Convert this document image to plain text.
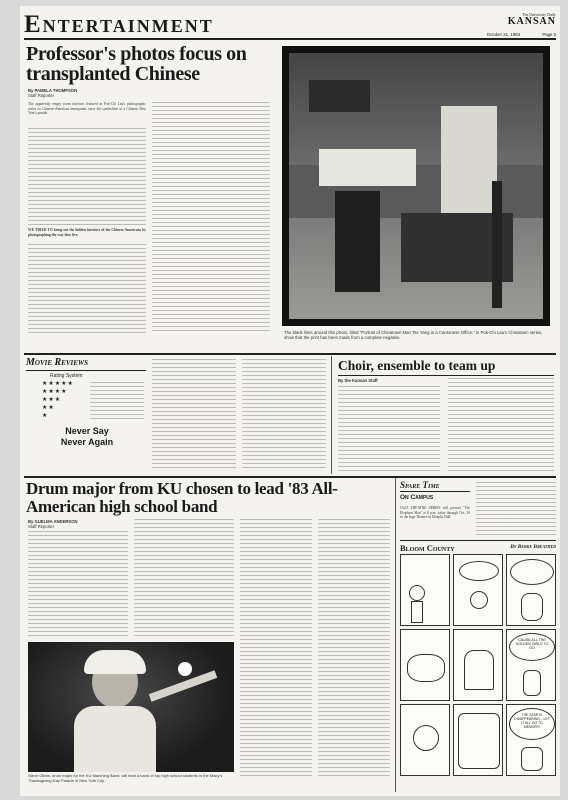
Entertainment	The University Daily
KANSAN
October 21, 1983	Page 6
Professor's photos focus on transplanted Chinese
By PAMELA THOMPSON
Staff Reporter
The apparently empty room interiors featured in Pok-Chi Lau's photographic series on Chinese-American immigrants carry the symbolism of a Chinese New Year's parade.
WE TRIED TO bring out the hidden interiors of the Chinese Americans by photographing the way they live.
The black lines around this photo, titled "Portrait of Chinatown Man Tse Yang in a Cantonese Office," in Pok-Chi Lau's Chinatown series, show that the print has been made from a complete negative.
Movie Reviews
Rating System
★★★★★
★★★★
★★★
★★
★
Never Say
Never Again
Choir, ensemble to team up
By the Kansan Staff
Drum major from KU chosen to lead '83 All-American high school band
By GUELMA ANDERSON
Staff Reporter
Steve Gibbs, drum major for the KU Marching Band, will lead a band of top high school students in the Macy's Thanksgiving Day Parade in New York City.
Spare Time
On Campus
JAZZ THEATRE SERIES will present "The Elephant Man" at 8 p.m. today through Oct. 29 in the Inge Theatre in Murphy Hall.
Bloom County	By Berke Breathed
CAUSE ALL THE GOLDEN GIRLS TO GO
THE STAR IS DISAPPEARING... LET IT ALL GO TO MEMORY!
